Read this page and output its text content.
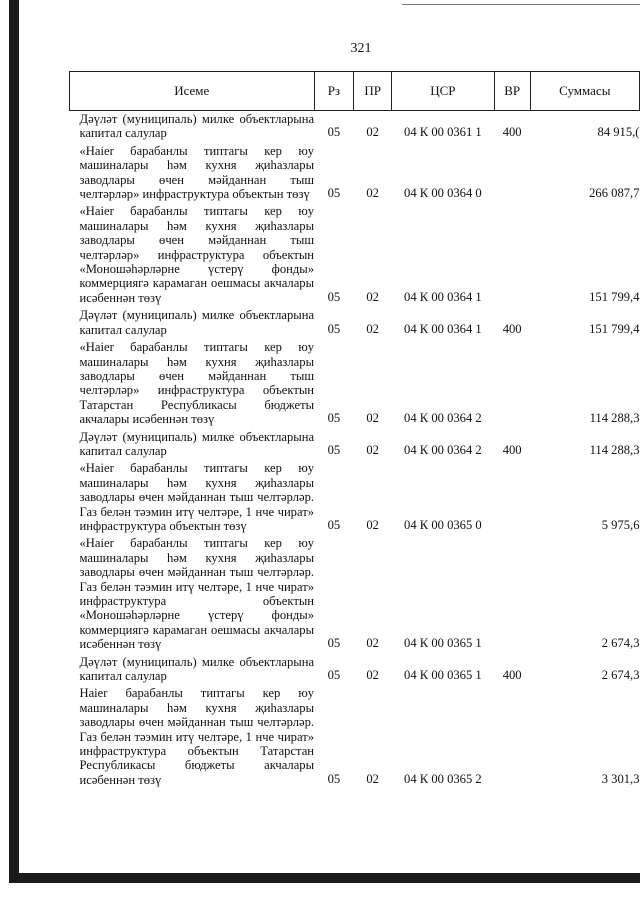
321
Исеме	Рз	ПР	ЦСР	ВР	Суммасы
Дәүләт (муниципаль) милке объектларына капитал салулар	05	02	04 К 00 0361 1	400	84 915,(
«Haier барабанлы типтагы кер юу машиналары һәм кухня җиһазлары заводлары өчен мәйданнан тыш челтәрләр» инфраструктура объектын төзү	05	02	04 К 00 0364 0		266 087,7
«Haier барабанлы типтагы кер юу машиналары һәм кухня җиһазлары заводлары өчен мәйданнан тыш челтәрләр» инфраструктура объектын «Моношәһәрләрне үстерү фонды» коммерциягә карамаган оешмасы акчалары исәбеннән төзү	05	02	04 К 00 0364 1		151 799,4
Дәүләт (муниципаль) милке объектларына капитал салулар	05	02	04 К 00 0364 1	400	151 799,4
«Haier барабанлы типтагы кер юу машиналары һәм кухня җиһазлары заводлары өчен мәйданнан тыш челтәрләр» инфраструктура объектын Татарстан Республикасы бюджеты акчалары исәбеннән төзү	05	02	04 К 00 0364 2		114 288,3
Дәүләт (муниципаль) милке объектларына капитал салулар	05	02	04 К 00 0364 2	400	114 288,3
«Haier барабанлы типтагы кер юу машиналары һәм кухня җиһазлары заводлары өчен мәйданнан тыш челтәрләр. Газ белән тәэмин итү челтәре, 1 нче чират» инфраструктура объектын төзү	05	02	04 К 00 0365 0		5 975,6
«Haier барабанлы типтагы кер юу машиналары һәм кухня җиһазлары заводлары өчен мәйданнан тыш челтәрләр. Газ белән тәэмин итү челтәре, 1 нче чират» инфраструктура объектын «Моношәһәрләрне үстерү фонды» коммерциягә карамаган оешмасы акчалары исәбеннән төзү	05	02	04 К 00 0365 1		2 674,3
Дәүләт (муниципаль) милке объектларына капитал салулар	05	02	04 К 00 0365 1	400	2 674,3
Haier барабанлы типтагы кер юу машиналары һәм кухня җиһазлары заводлары өчен мәйданнан тыш челтәрләр. Газ белән тәэмин итү челтәре, 1 нче чират» инфраструктура объектын Татарстан Республикасы бюджеты акчалары исәбеннән төзү	05	02	04 К 00 0365 2		3 301,3
